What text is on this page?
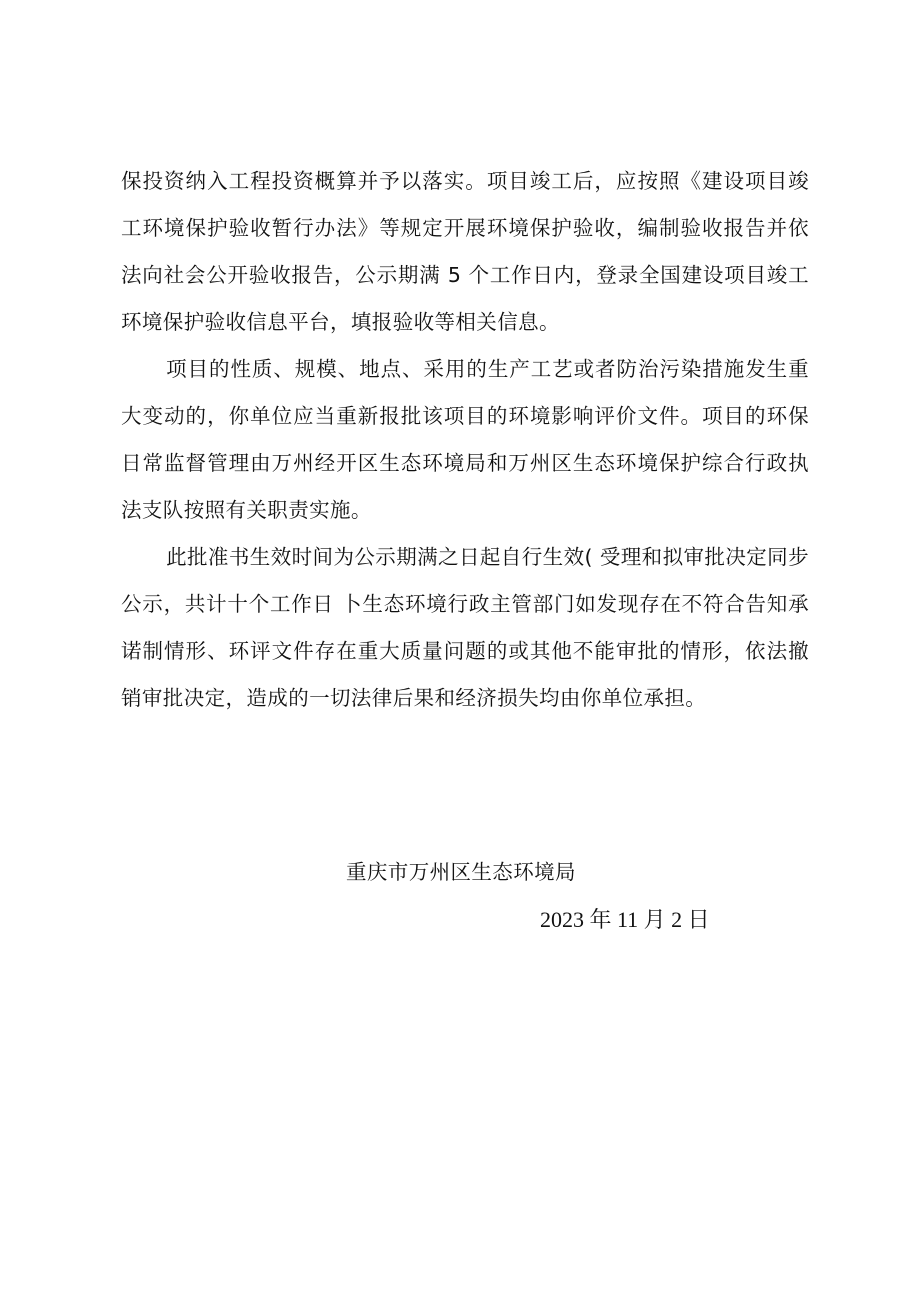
保投资纳入工程投资概算并予以落实。项目竣工后，应按照《建设项目竣工环境保护验收暂行办法》等规定开展环境保护验收，编制验收报告并依法向社会公开验收报告，公示期满 5 个工作日内，登录全国建设项目竣工环境保护验收信息平台，填报验收等相关信息。

项目的性质、规模、地点、采用的生产工艺或者防治污染措施发生重大变动的，你单位应当重新报批该项目的环境影响评价文件。项目的环保日常监督管理由万州经开区生态环境局和万州区生态环境保护综合行政执法支队按照有关职责实施。

此批准书生效时间为公示期满之日起自行生效( 受理和拟审批决定同步公示，共计十个工作日 卜生态环境行政主管部门如发现存在不符合告知承诺制情形、环评文件存在重大质量问题的或其他不能审批的情形，依法撤销审批决定，造成的一切法律后果和经济损失均由你单位承担。

重庆市万州区生态环境局
2023 年 11 月 2 日
